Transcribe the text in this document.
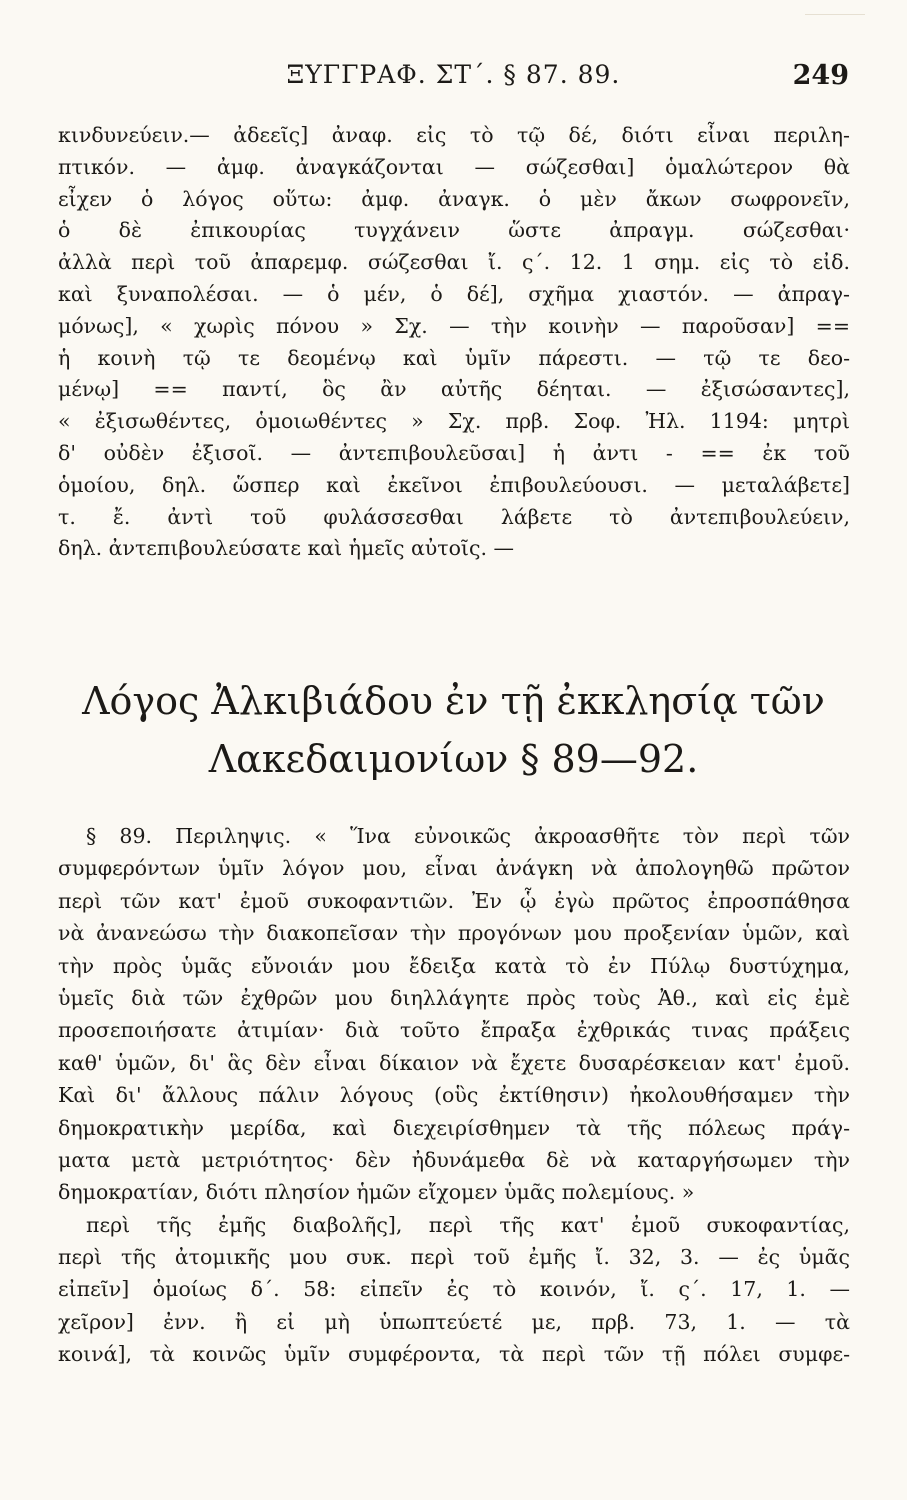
ΞΥΓΓΡΑΦ. ΣΤ΄. § 87. 89.	249
κινδυνεύειν.— ἀδεεῖς] ἀναφ. εἰς τὸ τῷ δέ, διότι εἶναι περιλη-
πτικόν. — ἀμφ. ἀναγκάζονται — σώζεσθαι] ὁμαλώτερον θὰ
εἶχεν ὁ λόγος οὕτω: ἀμφ. ἀναγκ. ὁ μὲν ἄκων σωφρονεῖν,
ὁ δὲ ἐπικουρίας τυγχάνειν ὥστε ἀπραγμ. σώζεσθαι·
ἀλλὰ περὶ τοῦ ἀπαρεμφ. σώζεσθαι ἴ. ς΄. 12. 1 σημ. εἰς τὸ εἰδ.
καὶ ξυναπολέσαι. — ὁ μέν, ὁ δέ], σχῆμα χιαστόν. — ἀπραγ-
μόνως], « χωρὶς πόνου » Σχ. — τὴν κοινὴν — παροῦσαν] ==
ἡ κοινὴ τῷ τε δεομένῳ καὶ ὑμῖν πάρεστι. — τῷ τε δεο-
μένῳ] == παντί, ὃς ἂν αὐτῆς δέηται. — ἐξισώσαντες],
« ἐξισωθέντες, ὁμοιωθέντες » Σχ. πρβ. Σοφ. Ἠλ. 1194: μητρὶ
δ' οὐδὲν ἐξισοῖ. — ἀντεπιβουλεῦσαι] ἡ ἀντι - == ἐκ τοῦ
ὁμοίου, δηλ. ὥσπερ καὶ ἐκεῖνοι ἐπιβουλεύουσι. — μεταλάβετε]
τ. ἔ. ἀντὶ τοῦ φυλάσσεσθαι λάβετε τὸ ἀντεπιβουλεύειν,
δηλ. ἀντεπιβουλεύσατε καὶ ἡμεῖς αὐτοῖς. —
Λόγος Ἀλκιβιάδου ἐν τῇ ἐκκλησίᾳ τῶν
Λακεδαιμονίων § 89—92.
§ 89. Περιληψις. « Ἵνα εὐνοικῶς ἀκροασθῆτε τὸν περὶ τῶν
συμφερόντων ὑμῖν λόγον μου, εἶναι ἀνάγκη νὰ ἀπολογηθῶ πρῶτον
περὶ τῶν κατ' ἐμοῦ συκοφαντιῶν. Ἐν ᾧ ἐγὼ πρῶτος ἐπροσπάθησα
νὰ ἀνανεώσω τὴν διακοπεῖσαν τὴν προγόνων μου προξενίαν ὑμῶν, καὶ
τὴν πρὸς ὑμᾶς εὔνοιάν μου ἔδειξα κατὰ τὸ ἐν Πύλῳ δυστύχημα,
ὑμεῖς διὰ τῶν ἐχθρῶν μου διηλλάγητε πρὸς τοὺς Ἀθ., καὶ εἰς ἐμὲ
προσεποιήσατε ἀτιμίαν· διὰ τοῦτο ἔπραξα ἐχθρικάς τινας πράξεις
καθ' ὑμῶν, δι' ἃς δὲν εἶναι δίκαιον νὰ ἔχετε δυσαρέσκειαν κατ' ἐμοῦ.
Καὶ δι' ἄλλους πάλιν λόγους (οὓς ἐκτίθησιν) ἠκολουθήσαμεν τὴν
δημοκρατικὴν μερίδα, καὶ διεχειρίσθημεν τὰ τῆς πόλεως πράγ-
ματα μετὰ μετριότητος· δὲν ἠδυνάμεθα δὲ νὰ καταργήσωμεν τὴν
δημοκρατίαν, διότι πλησίον ἡμῶν εἴχομεν ὑμᾶς πολεμίους. »
περὶ τῆς ἐμῆς διαβολῆς], περὶ τῆς κατ' ἐμοῦ συκοφαντίας,
περὶ τῆς ἀτομικῆς μου συκ. περὶ τοῦ ἐμῆς ἴ. 32, 3. — ἐς ὑμᾶς
εἰπεῖν] ὁμοίως δ΄. 58: εἰπεῖν ἐς τὸ κοινόν, ἴ. ς΄. 17, 1. —
χεῖρον] ἐνν. ἢ εἰ μὴ ὑπωπτεύετέ με, πρβ. 73, 1. — τὰ
κοινά], τὰ κοινῶς ὑμῖν συμφέροντα, τὰ περὶ τῶν τῇ πόλει συμφε-
